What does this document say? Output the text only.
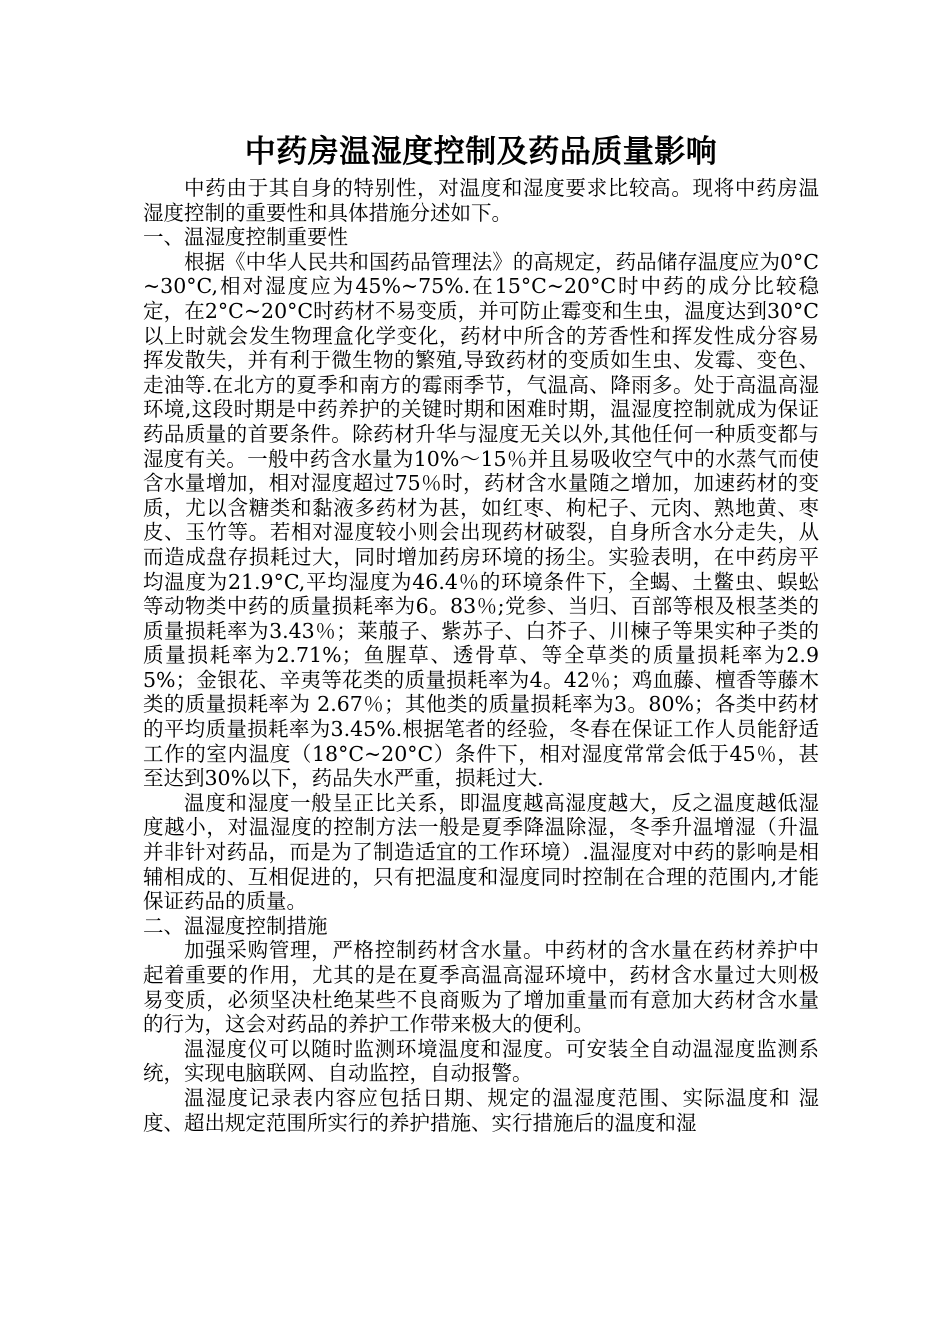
中药房温湿度控制及药品质量影响

中药由于其自身的特别性，对温度和湿度要求比较高。现将中药房温湿度控制的重要性和具体措施分述如下。

一、温湿度控制重要性

根据《中华人民共和国药品管理法》的高规定，药品储存温度应为0°C ~30°C,相对湿度应为45%~75%.在15°C~20°C时中药的成分比较稳定，在2°C~20°C时药材不易变质，并可防止霉变和生虫，温度达到30°C以上时就会发生物理盒化学变化，药材中所含的芳香性和挥发性成分容易挥发散失，并有利于微生物的繁殖,导致药材的变质如生虫、发霉、变色、走油等.在北方的夏季和南方的霉雨季节，气温高、降雨多。处于高温高湿环境,这段时期是中药养护的关键时期和困难时期，温湿度控制就成为保证药品质量的首要条件。除药材升华与湿度无关以外,其他任何一种质变都与湿度有关。一般中药含水量为10%～15％并且易吸收空气中的水蒸气而使含水量增加，相对湿度超过75％时，药材含水量随之增加，加速药材的变质，尤以含糖类和黏液多药材为甚，如红枣、枸杞子、元肉、熟地黄、枣皮、玉竹等。若相对湿度较小则会出现药材破裂，自身所含水分走失，从而造成盘存损耗过大，同时增加药房环境的扬尘。实验表明，在中药房平均温度为21.9°C,平均湿度为46.4％的环境条件下，全蝎、土鳖虫、蜈蚣等动物类中药的质量损耗率为6。83％;党参、当归、百部等根及根茎类的质量损耗率为3.43％；莱菔子、紫苏子、白芥子、川楝子等果实种子类的质量损耗率为2.71%；鱼腥草、透骨草、等全草类的质量损耗率为2.95%；金银花、辛夷等花类的质量损耗率为4。42％；鸡血藤、檀香等藤木类的质量损耗率为 2.67％；其他类的质量损耗率为3。80%；各类中药材的平均质量损耗率为3.45%.根据笔者的经验，冬春在保证工作人员能舒适工作的室内温度（18°C~20°C）条件下，相对湿度常常会低于45％，甚至达到30%以下，药品失水严重，损耗过大.

温度和湿度一般呈正比关系，即温度越高湿度越大，反之温度越低湿度越小，对温湿度的控制方法一般是夏季降温除湿，冬季升温增湿（升温并非针对药品，而是为了制造适宜的工作环境）.温湿度对中药的影响是相辅相成的、互相促进的，只有把温度和湿度同时控制在合理的范围内,才能保证药品的质量。

二、温湿度控制措施

加强采购管理，严格控制药材含水量。中药材的含水量在药材养护中起着重要的作用，尤其的是在夏季高温高湿环境中，药材含水量过大则极易变质，必须坚决杜绝某些不良商贩为了增加重量而有意加大药材含水量的行为，这会对药品的养护工作带来极大的便利。

温湿度仪可以随时监测环境温度和湿度。可安装全自动温湿度监测系统，实现电脑联网、自动监控，自动报警。

温湿度记录表内容应包括日期、规定的温湿度范围、实际温度和 湿度、超出规定范围所实行的养护措施、实行措施后的温度和湿
